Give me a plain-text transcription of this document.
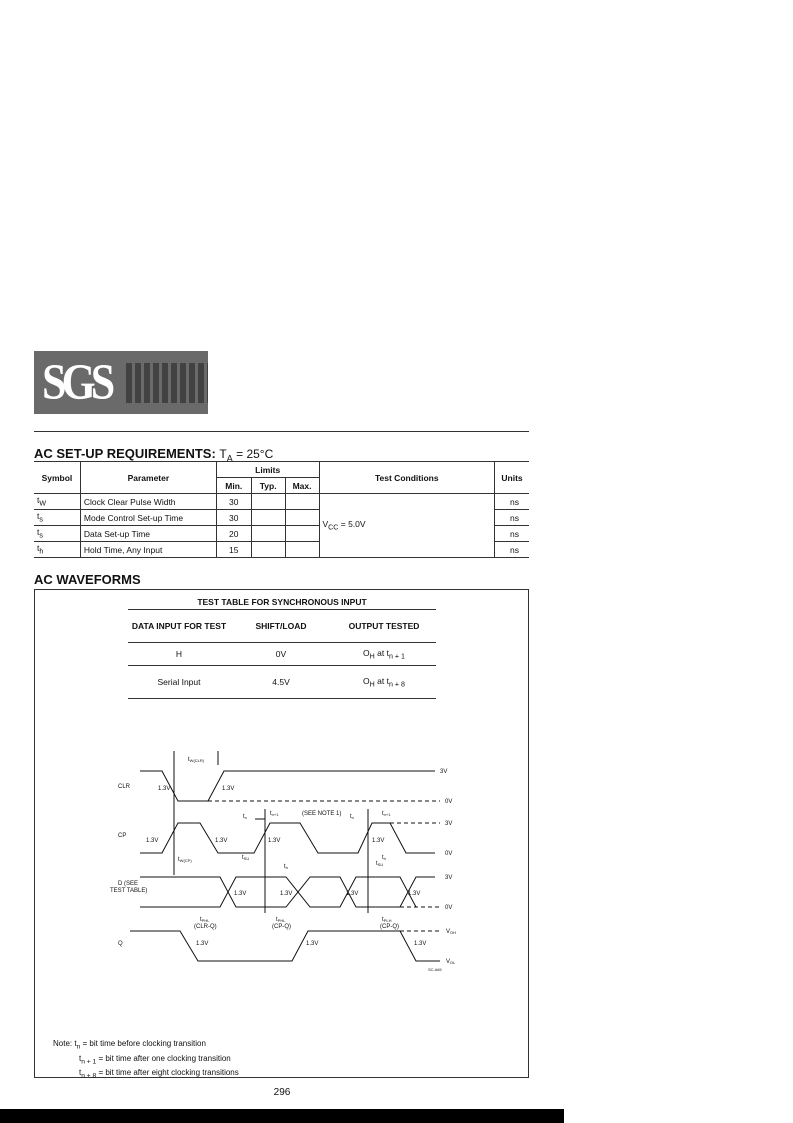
SGS
AC SET-UP REQUIREMENTS: $T_A = 25^\circ C$
Symbol	Parameter	Limits			Test Conditions	Units
		Min.	Typ.	Max.		
$t_W$	Clock Clear Pulse Width	30			$V_{CC} = 5.0V$	ns
$t_s$	Mode Control Set-up Time	30				ns
$t_s$	Data Set-up Time	20				ns
$t_h$	Hold Time, Any Input	15				ns
AC WAVEFORMS
TEST TABLE FOR SYNCHRONOUS INPUT
DATA INPUT FOR TEST	SHIFT/LOAD	OUTPUT TESTED
H	0V	$O_H$ at $t_{n + 1}$
Serial Input	4.5V	$O_H$ at $t_{n + 8}$
CLR
3V
0V
1.3V	1.3V
tW(CLR)
CP
3V
0V
1.3V	1.3V	1.3V	1.3V
tn
tn+1	(SEE NOTE 1) tn
tn+1
tW(CP)	tSU
tSU
th
th
D (SEE
TEST TABLE)
3V
0V
1.3V	1.3V	1.3V	1.3V
Q
VOH
VOL
1.3V	1.3V	1.3V
tPHL
(CLR-Q)
tPHL
(CP-Q)
tPLH
(CP-Q)
SC-##5
Note: $t_n$ = bit time before clocking transition
$t_{n + 1}$ = bit time after one clocking transition
$t_{n + 8}$ = bit time after eight clocking transitions
296
